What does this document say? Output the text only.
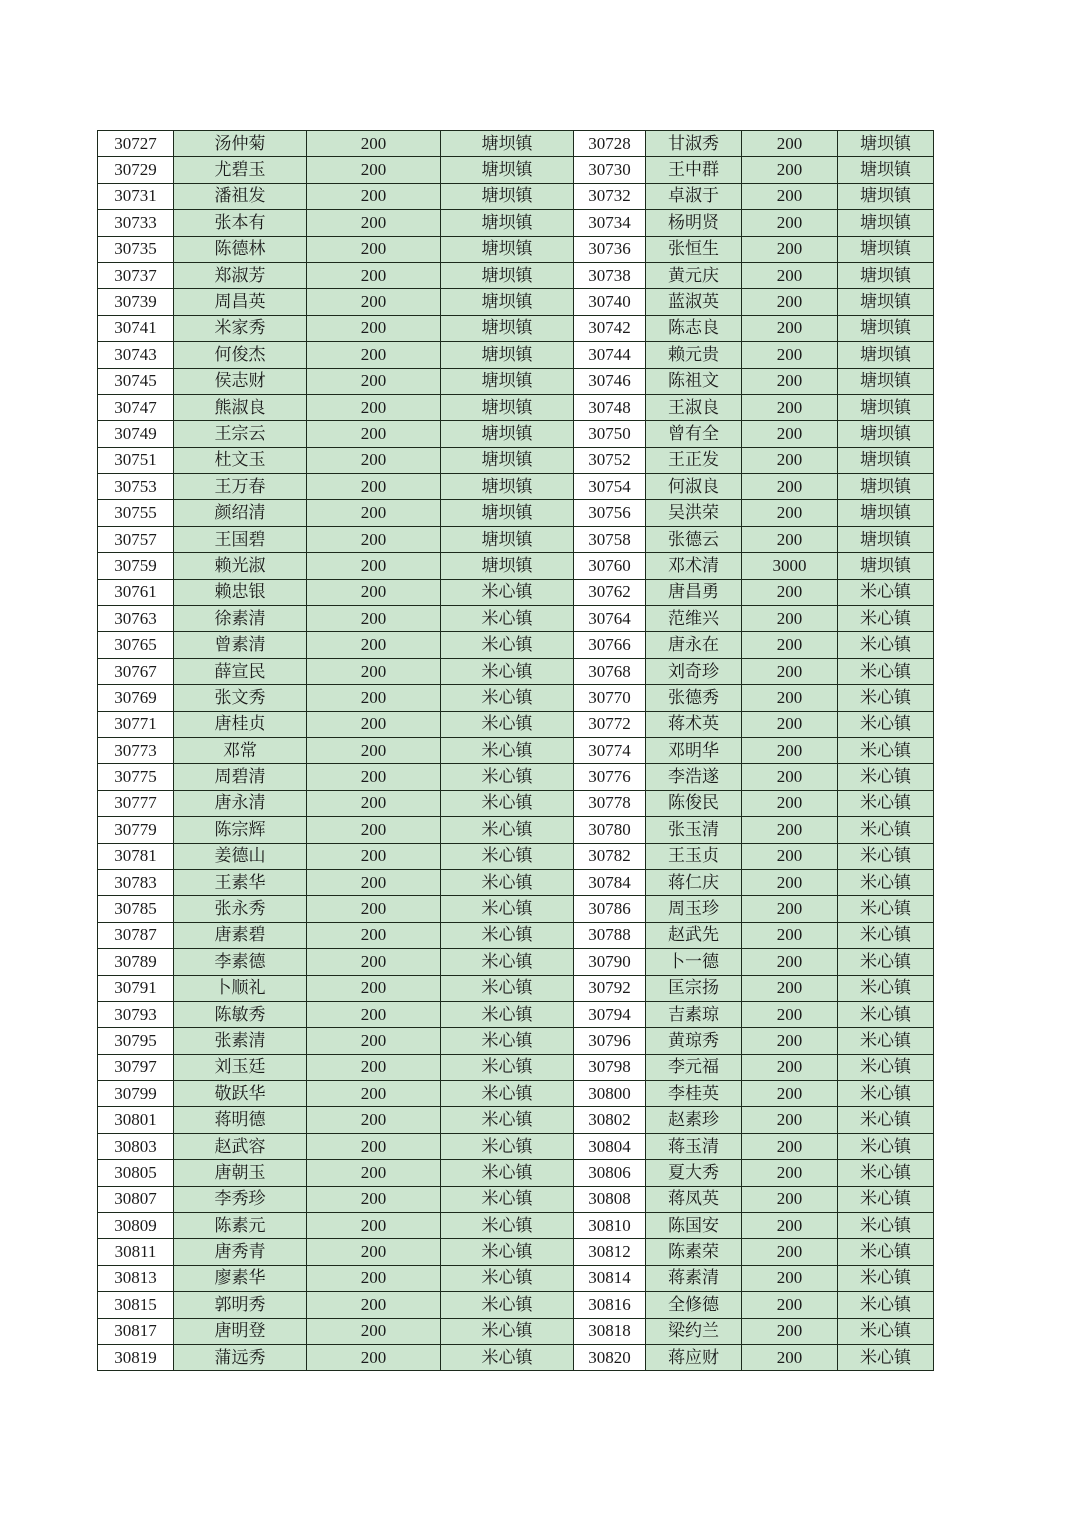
30727	汤仲菊	200	塘坝镇	30728	甘淑秀	200	塘坝镇
30729	尤碧玉	200	塘坝镇	30730	王中群	200	塘坝镇
30731	潘祖发	200	塘坝镇	30732	卓淑于	200	塘坝镇
30733	张本有	200	塘坝镇	30734	杨明贤	200	塘坝镇
30735	陈德林	200	塘坝镇	30736	张恒生	200	塘坝镇
30737	郑淑芳	200	塘坝镇	30738	黄元庆	200	塘坝镇
30739	周昌英	200	塘坝镇	30740	蓝淑英	200	塘坝镇
30741	米家秀	200	塘坝镇	30742	陈志良	200	塘坝镇
30743	何俊杰	200	塘坝镇	30744	赖元贵	200	塘坝镇
30745	侯志财	200	塘坝镇	30746	陈祖文	200	塘坝镇
30747	熊淑良	200	塘坝镇	30748	王淑良	200	塘坝镇
30749	王宗云	200	塘坝镇	30750	曾有全	200	塘坝镇
30751	杜文玉	200	塘坝镇	30752	王正发	200	塘坝镇
30753	王万春	200	塘坝镇	30754	何淑良	200	塘坝镇
30755	颜绍清	200	塘坝镇	30756	吴洪荣	200	塘坝镇
30757	王国碧	200	塘坝镇	30758	张德云	200	塘坝镇
30759	赖光淑	200	塘坝镇	30760	邓术清	3000	塘坝镇
30761	赖忠银	200	米心镇	30762	唐昌勇	200	米心镇
30763	徐素清	200	米心镇	30764	范维兴	200	米心镇
30765	曾素清	200	米心镇	30766	唐永在	200	米心镇
30767	薛宣民	200	米心镇	30768	刘奇珍	200	米心镇
30769	张文秀	200	米心镇	30770	张德秀	200	米心镇
30771	唐桂贞	200	米心镇	30772	蒋术英	200	米心镇
30773	邓常	200	米心镇	30774	邓明华	200	米心镇
30775	周碧清	200	米心镇	30776	李浩遂	200	米心镇
30777	唐永清	200	米心镇	30778	陈俊民	200	米心镇
30779	陈宗辉	200	米心镇	30780	张玉清	200	米心镇
30781	姜德山	200	米心镇	30782	王玉贞	200	米心镇
30783	王素华	200	米心镇	30784	蒋仁庆	200	米心镇
30785	张永秀	200	米心镇	30786	周玉珍	200	米心镇
30787	唐素碧	200	米心镇	30788	赵武先	200	米心镇
30789	李素德	200	米心镇	30790	卜一德	200	米心镇
30791	卜顺礼	200	米心镇	30792	匡宗扬	200	米心镇
30793	陈敏秀	200	米心镇	30794	吉素琼	200	米心镇
30795	张素清	200	米心镇	30796	黄琼秀	200	米心镇
30797	刘玉廷	200	米心镇	30798	李元福	200	米心镇
30799	敬跃华	200	米心镇	30800	李桂英	200	米心镇
30801	蒋明德	200	米心镇	30802	赵素珍	200	米心镇
30803	赵武容	200	米心镇	30804	蒋玉清	200	米心镇
30805	唐朝玉	200	米心镇	30806	夏大秀	200	米心镇
30807	李秀珍	200	米心镇	30808	蒋凤英	200	米心镇
30809	陈素元	200	米心镇	30810	陈国安	200	米心镇
30811	唐秀青	200	米心镇	30812	陈素荣	200	米心镇
30813	廖素华	200	米心镇	30814	蒋素清	200	米心镇
30815	郭明秀	200	米心镇	30816	全修德	200	米心镇
30817	唐明登	200	米心镇	30818	梁约兰	200	米心镇
30819	蒲远秀	200	米心镇	30820	蒋应财	200	米心镇
